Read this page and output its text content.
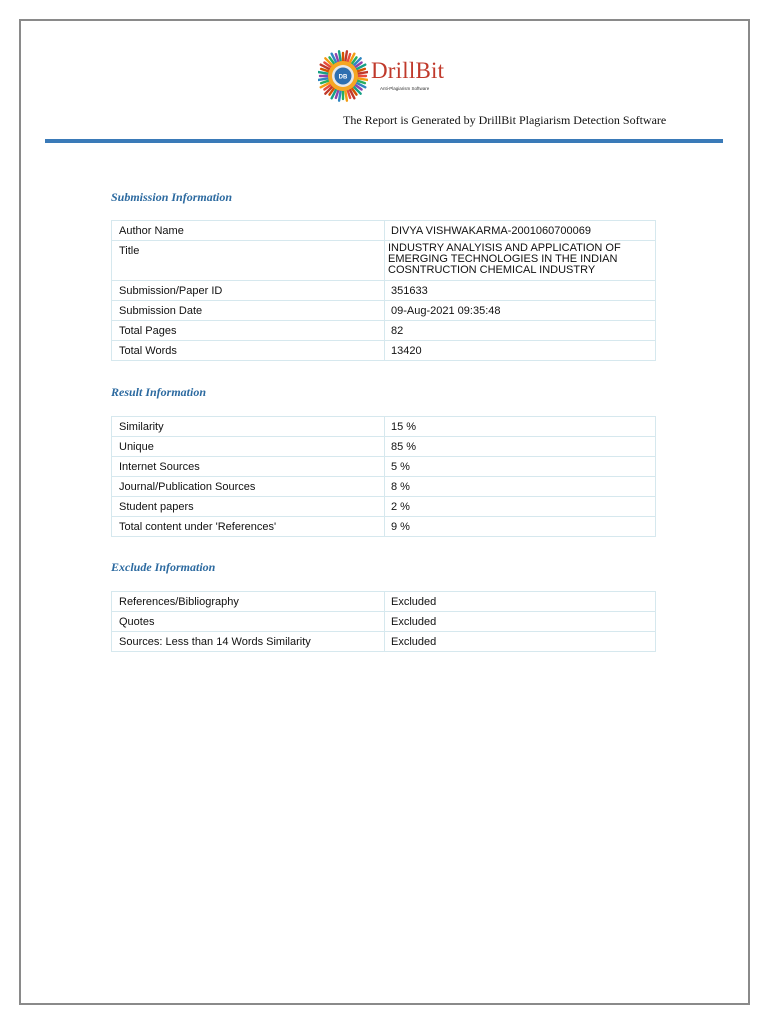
DB DrillBit
Anti-Plagiarism Software
The Report is Generated by DrillBit Plagiarism Detection Software
Submission Information
Author Name	DIVYA VISHWAKARMA-2001060700069
Title	INDUSTRY ANALYISIS AND APPLICATION OF EMERGING TECHNOLOGIES IN THE INDIAN COSNTRUCTION CHEMICAL INDUSTRY
Submission/Paper ID	351633
Submission Date	09-Aug-2021 09:35:48
Total Pages	82
Total Words	13420
Result Information
Similarity	15 %
Unique	85 %
Internet Sources	5 %
Journal/Publication Sources	8 %
Student papers	2 %
Total content under 'References'	9 %
Exclude Information
References/Bibliography	Excluded
Quotes	Excluded
Sources: Less than 14 Words Similarity	Excluded
